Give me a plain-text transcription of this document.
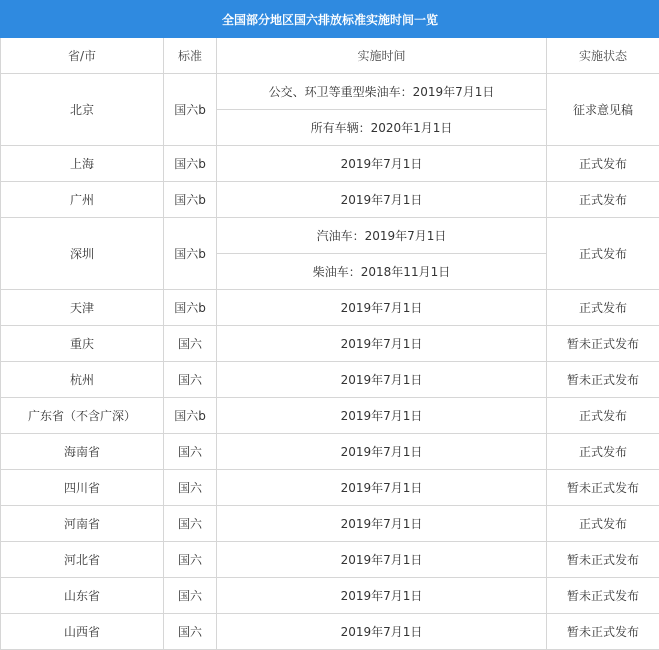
全国部分地区国六排放标准实施时间一览			
省/市	标准	实施时间	实施状态
北京	国六b	公交、环卫等重型柴油车：2019年7月1日	征求意见稿
		所有车辆：2020年1月1日	
上海	国六b	2019年7月1日	正式发布
广州	国六b	2019年7月1日	正式发布
深圳	国六b	汽油车：2019年7月1日	正式发布
		柴油车：2018年11月1日	
天津	国六b	2019年7月1日	正式发布
重庆	国六	2019年7月1日	暂未正式发布
杭州	国六	2019年7月1日	暂未正式发布
广东省（不含广深）	国六b	2019年7月1日	正式发布
海南省	国六	2019年7月1日	正式发布
四川省	国六	2019年7月1日	暂未正式发布
河南省	国六	2019年7月1日	正式发布
河北省	国六	2019年7月1日	暂未正式发布
山东省	国六	2019年7月1日	暂未正式发布
山西省	国六	2019年7月1日	暂未正式发布
